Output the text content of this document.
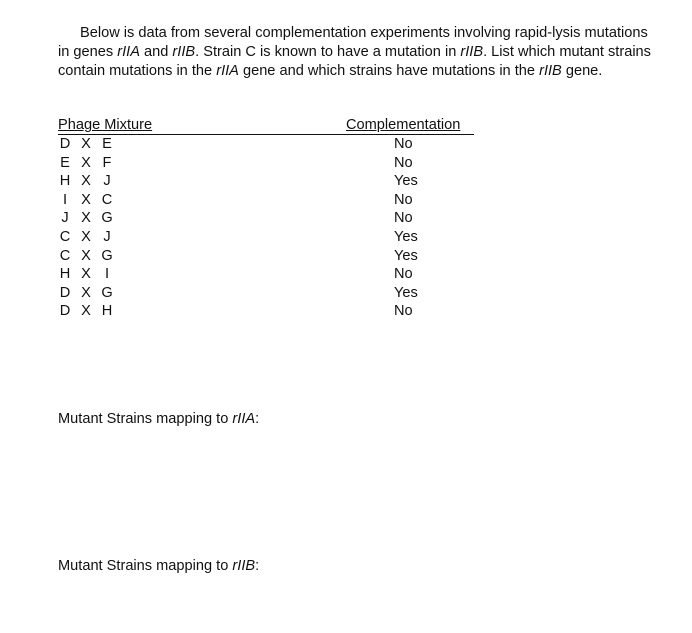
Below is data from several complementation experiments involving rapid-lysis mutations in genes rIIA and rIIB. Strain C is known to have a mutation in rIIB. List which mutant strains contain mutations in the rIIA gene and which strains have mutations in the rIIB gene.
Phage Mixture	Complementation
D X E	No
E X F	No
H X J	Yes
I X C	No
J X G	No
C X J	Yes
C X G	Yes
H X I	No
D X G	Yes
D X H	No
Mutant Strains mapping to rIIA:
Mutant Strains mapping to rIIB:
